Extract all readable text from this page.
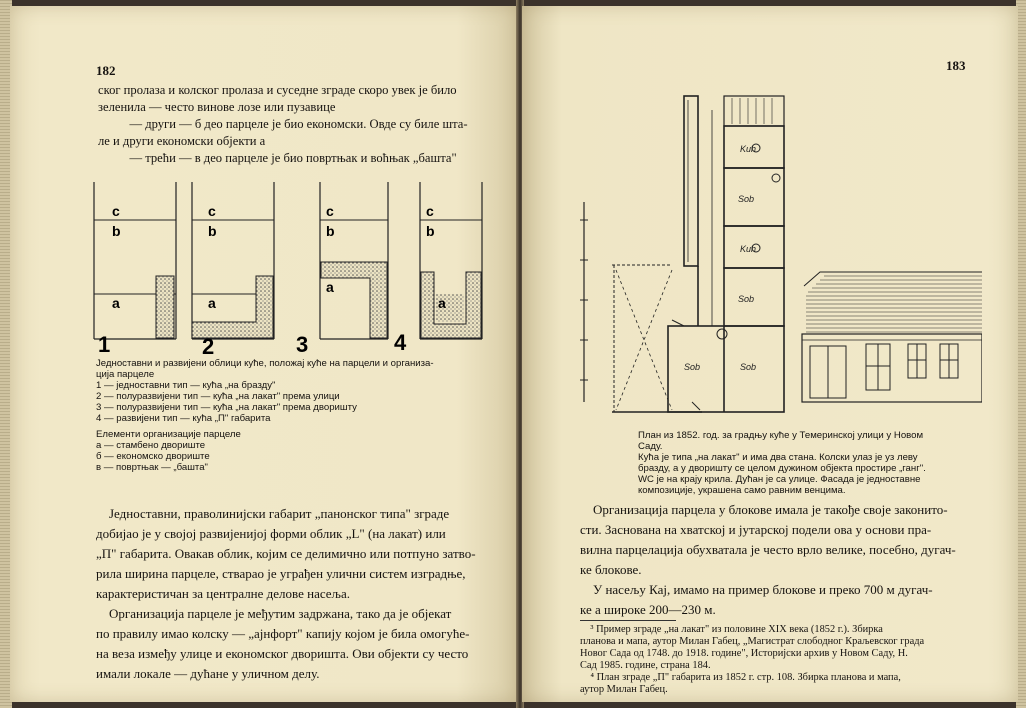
182
ског пролаза и колског пролаза и суседне зграде скоро увек је било
зеленила — често винове лозе или пузавице
— други — б део парцеле је био економски. Овде су биле шта-
ле и други економски објекти а
— трећи — в део парцеле је био повртњак и воћњак „башта"
с
b
a
c
b
a
c
b
a
c
b
a
1	2	3	4
Једноставни и развијени облици куће, положај куће на парцели и организа-
ција парцеле
1 — једноставни тип — кућа „на бразду"
2 — полуразвијени тип — кућа „на лакат" према улици
3 — полуразвијени тип — кућа „на лакат" према дворишту
4 — развијени тип — кућа „П" габарита
Елементи организације парцеле
а — стамбено двориште
б — економско двориште
в — повртњак — „башта"
Једноставни, праволинијски габарит „панонског типа" зграде
добијао је у својој развијенијој форми облик „L" (на лакат) или
„П" габарита. Овакав облик, којим се делимично или потпуно затво-
рила ширина парцеле, стварао је уграђен улични систем изградње,
карактеристичан за централне делове насеља.
Организација парцеле је међутим задржана, тако да је објекат
по правилу имао колску — „ајнфорт" капију којом је била омогуће-
на веза између улице и економског дворишта. Ови објекти су често
имали локале — дућане у уличном делу.
183
Kuh
Sob
Kuh
Sob
Sob	Sob
План из 1852. год. за градњу куће у Темеринској улици у Новом
Саду.
Кућа је типа „на лакат" и има два стана. Колски улаз је уз леву
бразду, а у дворишту се целом дужином објекта простире „ганг".
WC је на крају крила. Дућан је са улице. Фасада је једноставне
композиције, украшена само равним венцима.
Организација парцела у блокове имала је такође своје законито-
сти. Заснована на хватској и јутарској подели ова у основи пра-
вилна парцелација обухватала је често врло велике, посебно, дугач-
ке блокове.
У насељу Кај, имамо на пример блокове и преко 700 м дугач-
ке а широке 200—230 м.
³ Пример зграде „на лакат" из половине XIX века (1852 г.). Збирка
планова и мапа, аутор Милан Габец, „Магистрат слободног Краљевског града
Новог Сада од 1748. до 1918. године", Историјски архив у Новом Саду, Н.
Сад 1985. године, страна 184.
⁴ План зграде „П" габарита из 1852 г. стр. 108. Збирка планова и мапа,
аутор Милан Габец.
